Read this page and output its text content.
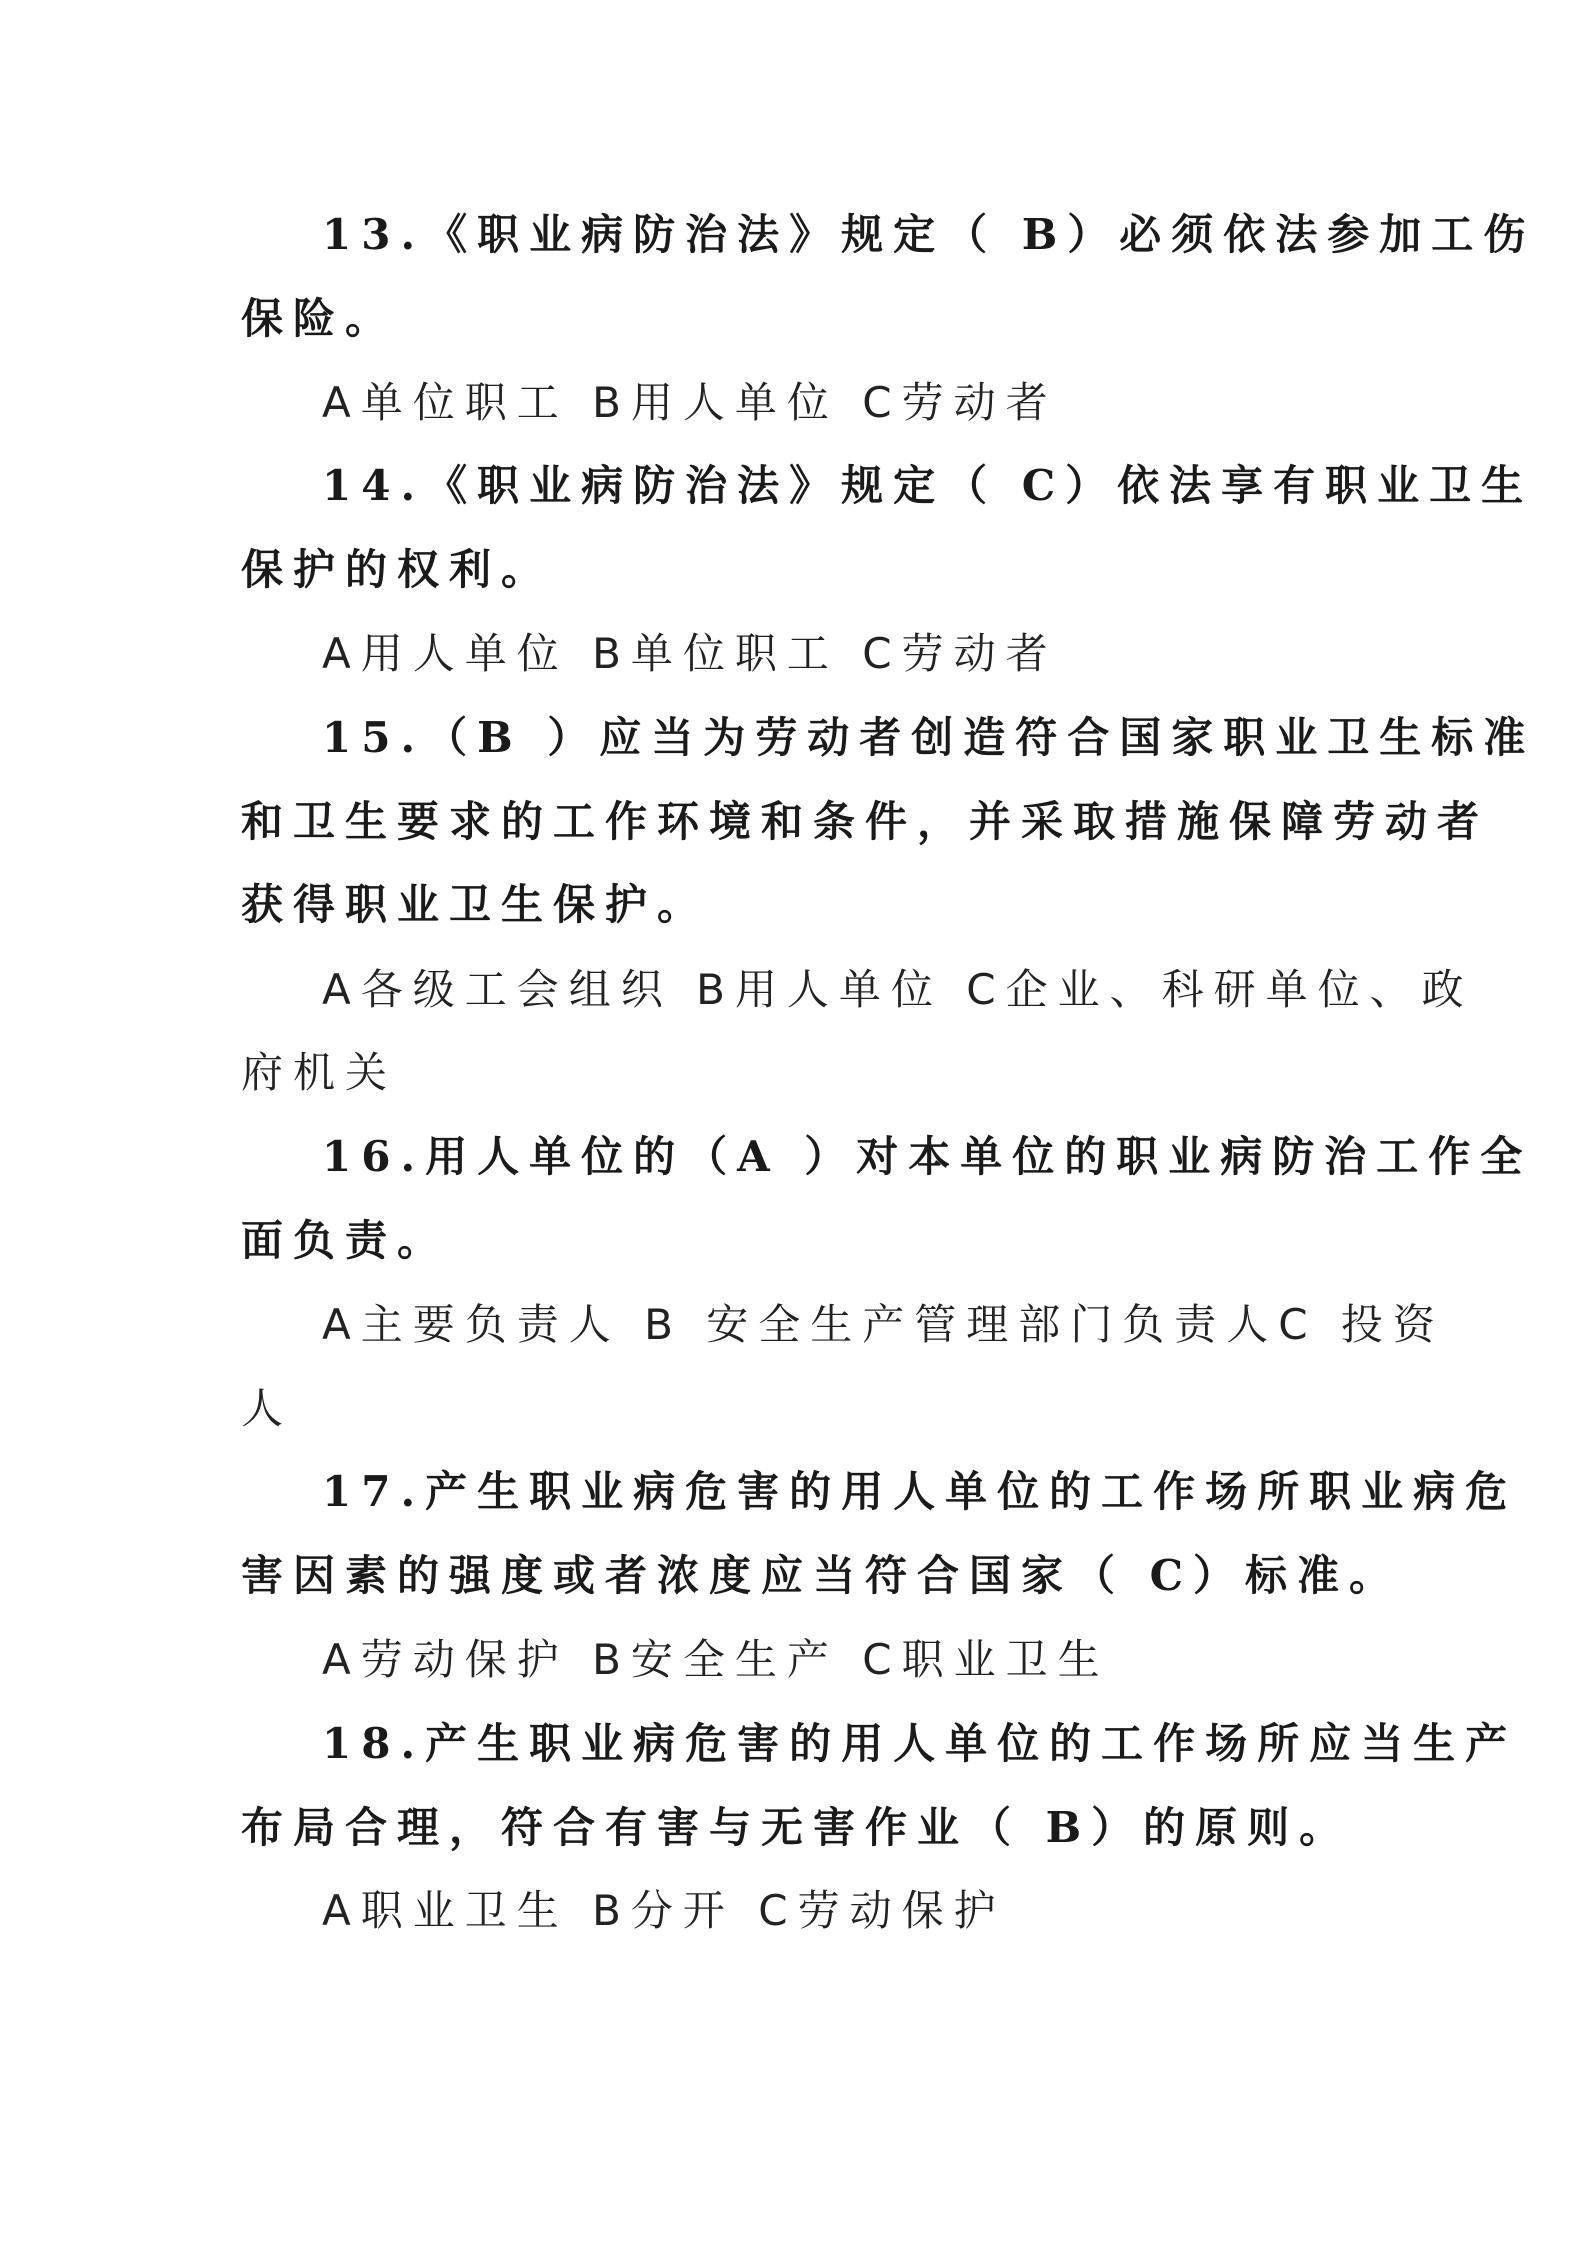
13.《职业病防治法》规定（ B）必须依法参加工伤
保险。
A单位职工 B用人单位 C劳动者
14.《职业病防治法》规定（ C）依法享有职业卫生
保护的权利。
A用人单位 B单位职工 C劳动者
15.（B ）应当为劳动者创造符合国家职业卫生标准
和卫生要求的工作环境和条件，并采取措施保障劳动者
获得职业卫生保护。
A各级工会组织 B用人单位 C企业、科研单位、政
府机关
16.用人单位的（A ）对本单位的职业病防治工作全
面负责。
A主要负责人 B 安全生产管理部门负责人C 投资
人
17.产生职业病危害的用人单位的工作场所职业病危
害因素的强度或者浓度应当符合国家（ C）标准。
A劳动保护 B安全生产 C职业卫生
18.产生职业病危害的用人单位的工作场所应当生产
布局合理，符合有害与无害作业（ B）的原则。
A职业卫生 B分开 C劳动保护
